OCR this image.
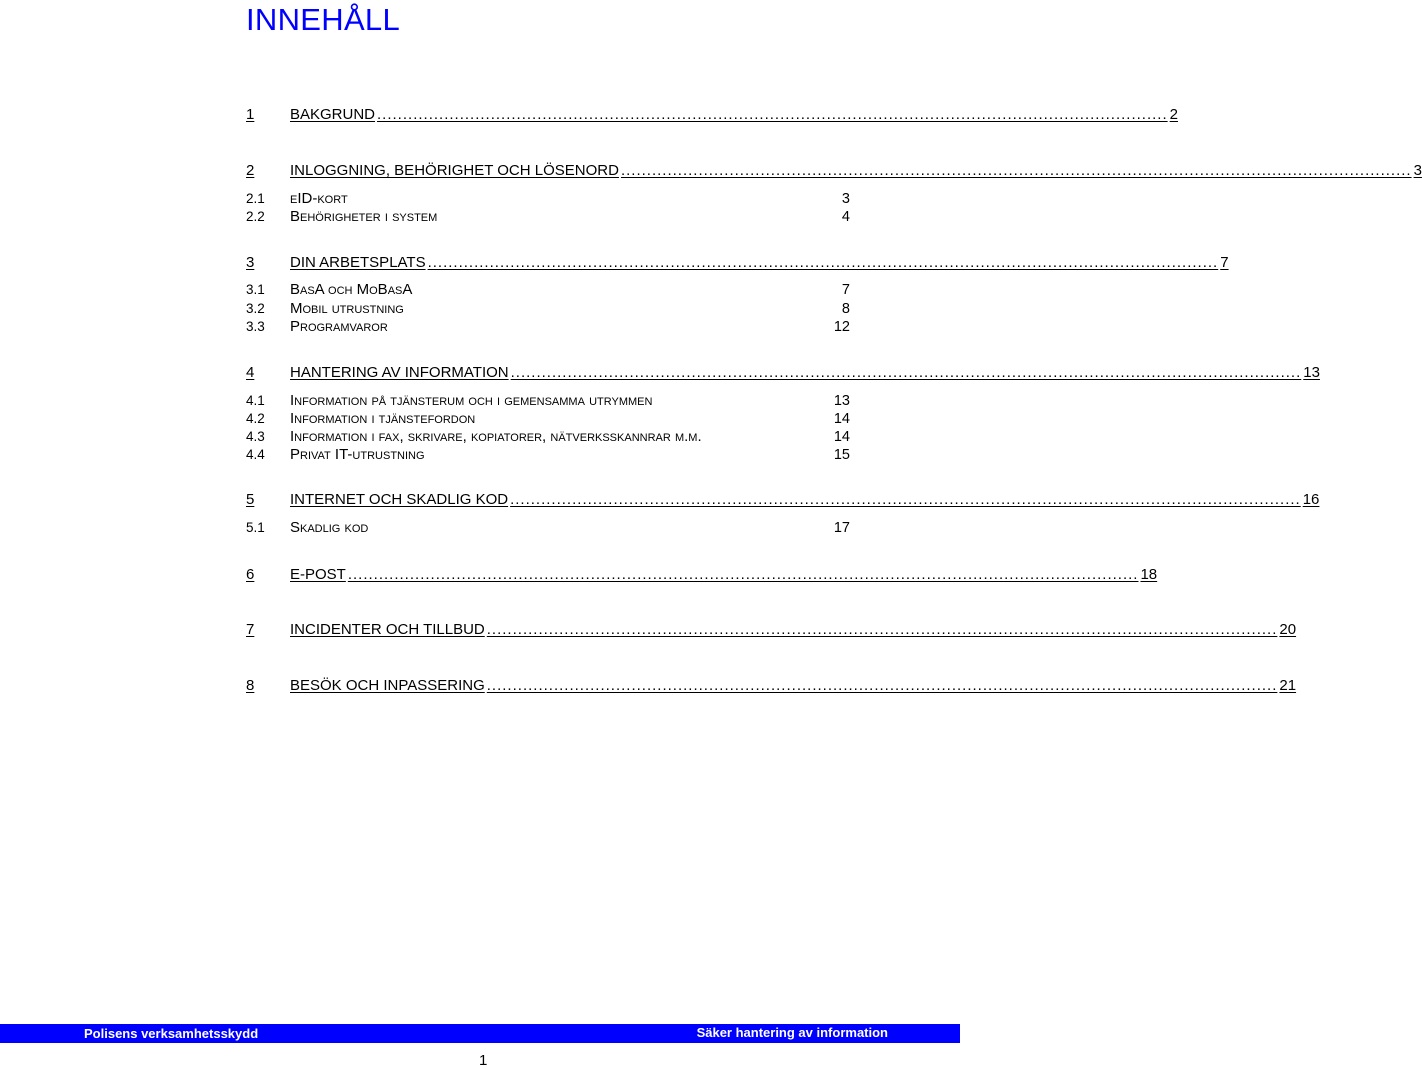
INNEHÅLL
1	BAKGRUND ......................................................................................................................................................... 2
2	INLOGGNING, BEHÖRIGHET OCH LÖSENORD ......................................................................................................................................................... 3
2.1	eID-kort	3
2.2	Behörigheter i system	4
3	DIN ARBETSPLATS ......................................................................................................................................................... 7
3.1	BasA och MoBasA	7
3.2	Mobil utrustning	8
3.3	Programvaror	12
4	HANTERING AV INFORMATION ......................................................................................................................................................... 13
4.1	Information på tjänsterum och i gemensamma utrymmen	13
4.2	Information i tjänstefordon	14
4.3	Information i fax, skrivare, kopiatorer, nätverksskannrar m.m.	14
4.4	Privat IT-utrustning	15
5	INTERNET OCH SKADLIG KOD ......................................................................................................................................................... 16
5.1	Skadlig kod	17
6	E-POST ......................................................................................................................................................... 18
7	INCIDENTER OCH TILLBUD ......................................................................................................................................................... 20
8	BESÖK OCH INPASSERING ......................................................................................................................................................... 21
Polisens verksamhetsskydd	Säker hantering av information
1
